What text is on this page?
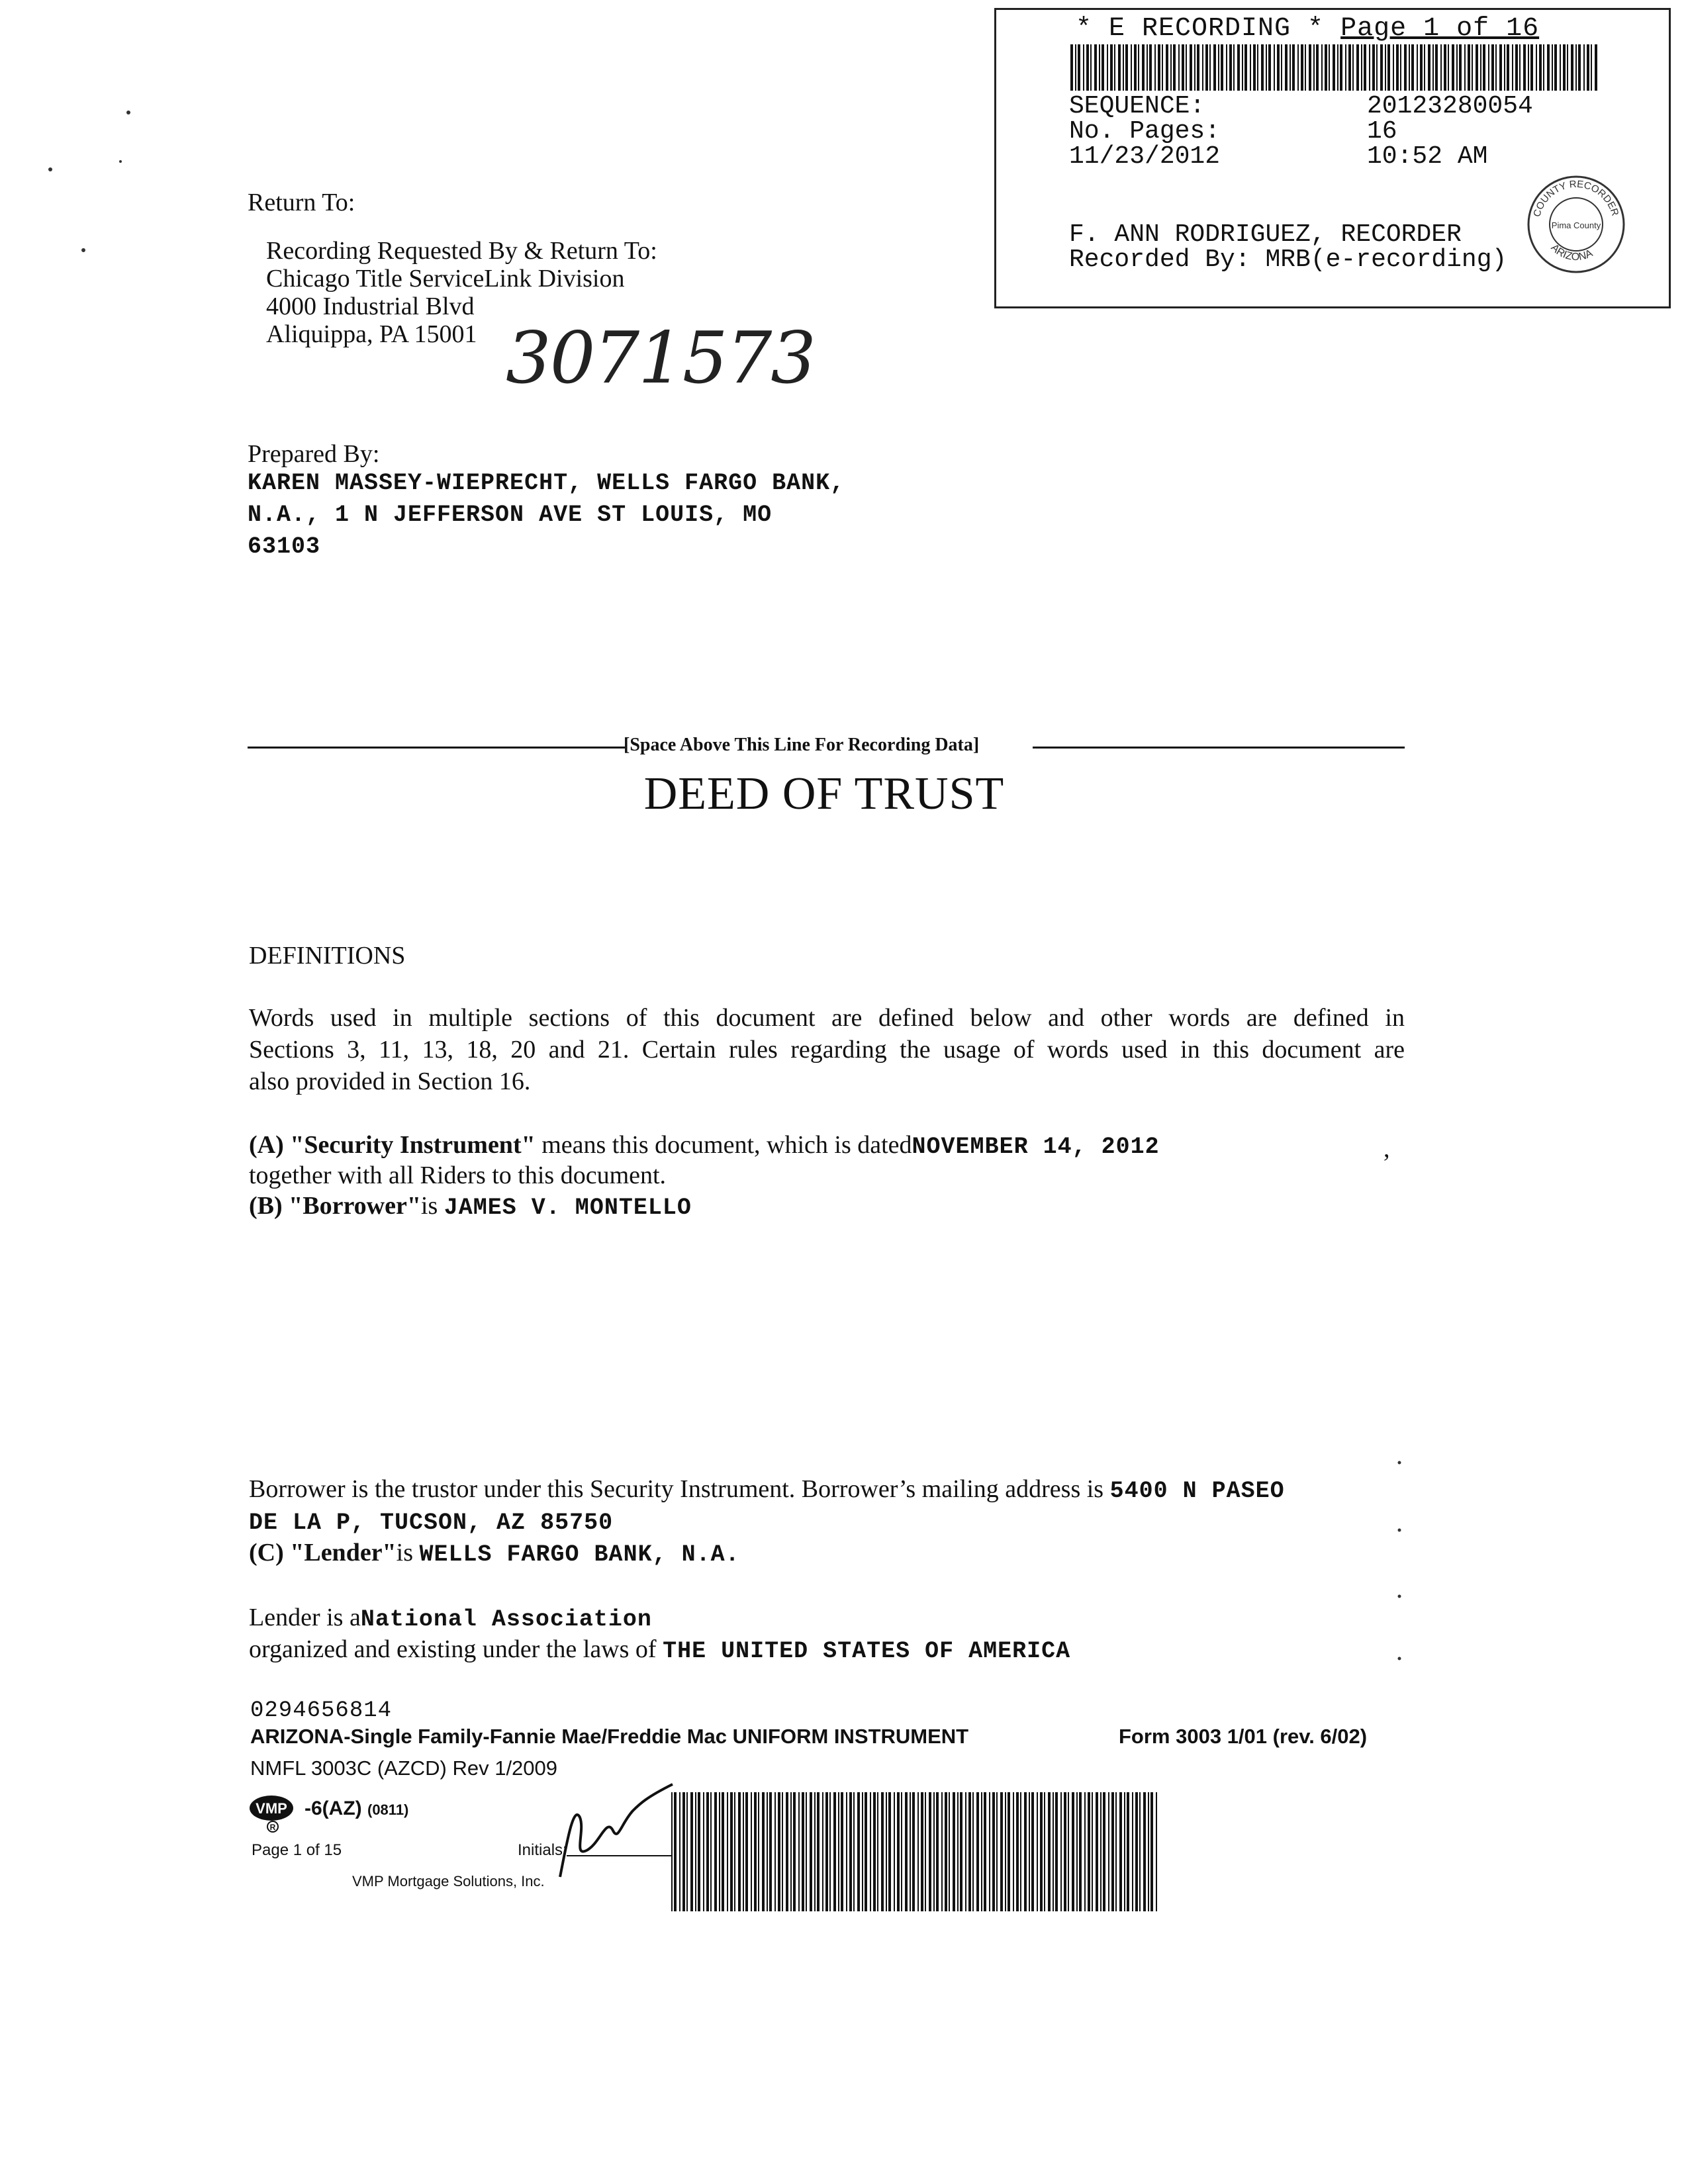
* E RECORDING * Page 1 of 16
SEQUENCE:	20123280054
No. Pages:	16
11/23/2012	10:52 AM
F. ANN RODRIGUEZ, RECORDER
Recorded By: MRB(e-recording)
COUNTY RECORDER
ARIZONA
Pima County
Return To:
Recording Requested By & Return To:
Chicago Title ServiceLink Division
4000 Industrial Blvd
Aliquippa, PA 15001 3071573
Prepared By:
KAREN MASSEY-WIEPRECHT, WELLS FARGO BANK,
N.A., 1 N JEFFERSON AVE ST LOUIS, MO
63103
[Space Above This Line For Recording Data]
DEED OF TRUST
DEFINITIONS
Words used in multiple sections of this document are defined below and other words are defined in
Sections 3, 11, 13, 18, 20 and 21. Certain rules regarding the usage of words used in this document are
also provided in Section 16.
(A) "Security Instrument" means this document, which is datedNOVEMBER 14, 2012	,
together with all Riders to this document.
(B) "Borrower"is JAMES V. MONTELLO
Borrower is the trustor under this Security Instrument. Borrower’s mailing address is 5400 N PASEO
DE LA P, TUCSON, AZ 85750
(C) "Lender"is WELLS FARGO BANK, N.A.
Lender is aNational Association
organized and existing under the laws of THE UNITED STATES OF AMERICA
0294656814
ARIZONA-Single Family-Fannie Mae/Freddie Mac UNIFORM INSTRUMENT	Form 3003 1/01 (rev. 6/02)
NMFL 3003C (AZCD) Rev 1/2009
VMP
R
-6(AZ) (0811)
Page 1 of 15	Initials:
VMP Mortgage Solutions, Inc.
